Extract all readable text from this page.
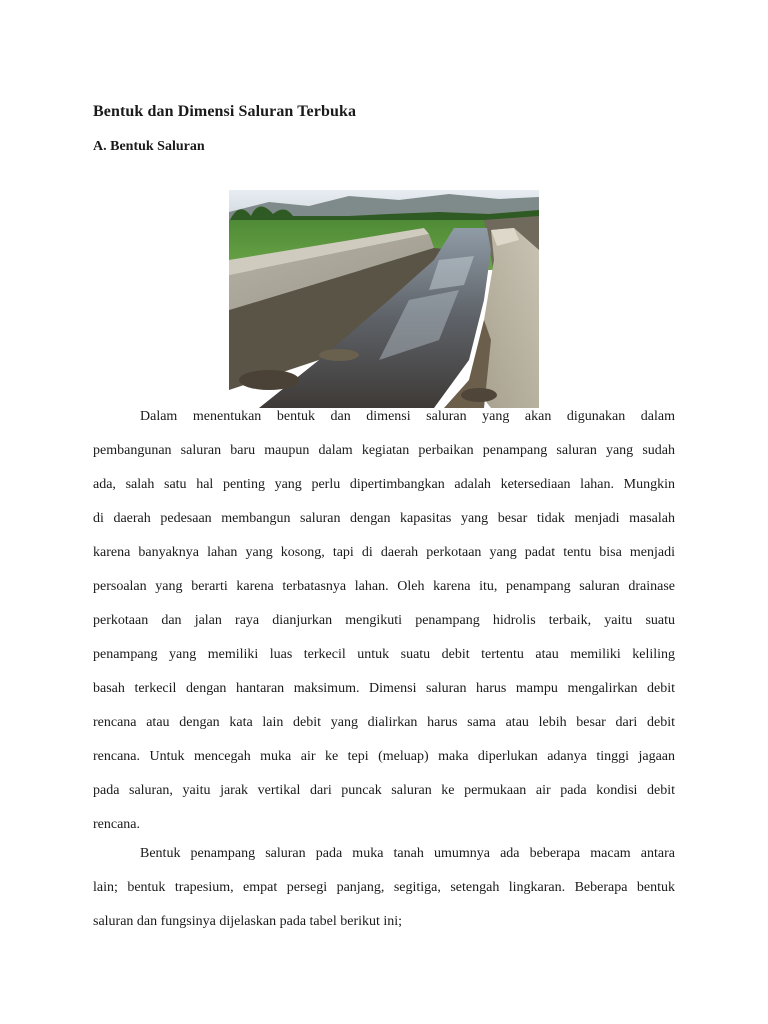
Bentuk dan Dimensi Saluran Terbuka
A. Bentuk Saluran
Dalam menentukan bentuk dan dimensi saluran yang akan digunakan dalam
pembangunan saluran baru maupun dalam kegiatan perbaikan penampang saluran yang sudah
ada, salah satu hal penting yang perlu dipertimbangkan adalah ketersediaan lahan. Mungkin
di daerah pedesaan membangun saluran dengan kapasitas yang besar tidak menjadi masalah
karena banyaknya lahan yang kosong, tapi di daerah perkotaan yang padat tentu bisa menjadi
persoalan yang berarti karena terbatasnya lahan. Oleh karena itu, penampang saluran drainase
perkotaan dan jalan raya dianjurkan mengikuti penampang hidrolis terbaik, yaitu suatu
penampang yang memiliki luas terkecil untuk suatu debit tertentu atau memiliki keliling
basah terkecil dengan hantaran maksimum. Dimensi saluran harus mampu mengalirkan debit
rencana atau dengan kata lain debit yang dialirkan harus sama atau lebih besar dari debit
rencana. Untuk mencegah muka air ke tepi (meluap) maka diperlukan adanya tinggi jagaan
pada saluran, yaitu jarak vertikal dari puncak saluran ke permukaan air pada kondisi debit
rencana.
Bentuk penampang saluran pada muka tanah umumnya ada beberapa macam antara
lain; bentuk trapesium, empat persegi panjang, segitiga, setengah lingkaran. Beberapa bentuk
saluran dan fungsinya dijelaskan pada tabel berikut ini;
